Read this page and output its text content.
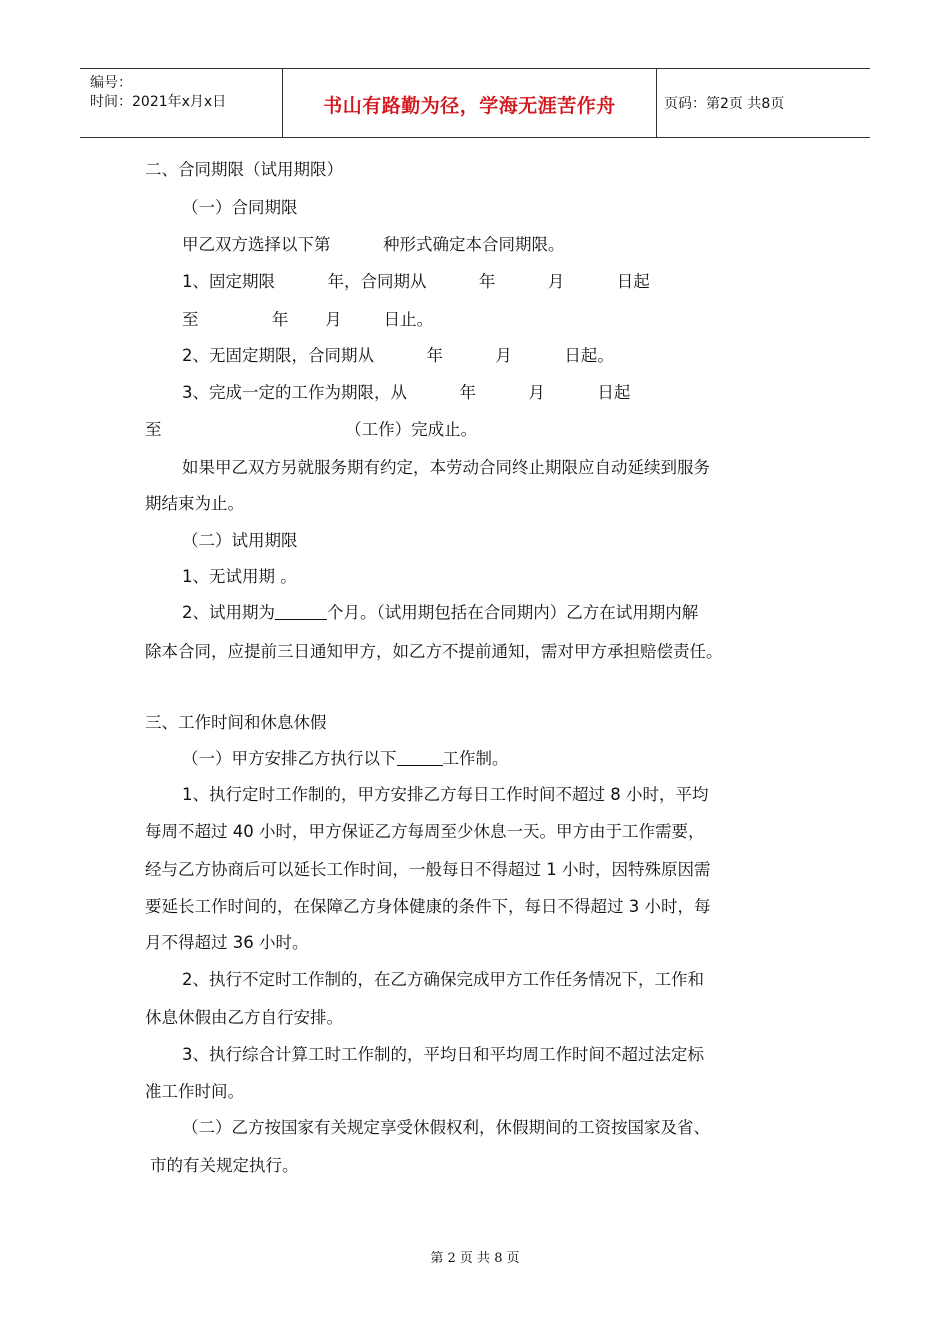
编号：
时间：2021年x月x日	书山有路勤为径，学海无涯苦作舟	页码：第2页 共8页
二、合同期限（试用期限）
（一）合同期限
甲乙双方选择以下第          种形式确定本合同期限。
1、固定期限          年，合同期从          年          月          日起
至              年       月        日止。
2、无固定期限，合同期从          年          月          日起。
3、完成一定的工作为期限，从          年          月          日起
至                                   （工作）完成止。
如果甲乙双方另就服务期有约定，本劳动合同终止期限应自动延续到服务
期结束为止。
（二）试用期限
1、无试用期 。
2、试用期为	个月。（试用期包括在合同期内）乙方在试用期内解
除本合同，应提前三日通知甲方，如乙方不提前通知，需对甲方承担赔偿责任。
三、工作时间和休息休假
（一）甲方安排乙方执行以下	工作制。
1、执行定时工作制的，甲方安排乙方每日工作时间不超过 8 小时，平均
每周不超过 40 小时，甲方保证乙方每周至少休息一天。甲方由于工作需要，
经与乙方协商后可以延长工作时间，一般每日不得超过 1 小时，因特殊原因需
要延长工作时间的，在保障乙方身体健康的条件下，每日不得超过 3 小时，每
月不得超过 36 小时。
2、执行不定时工作制的，在乙方确保完成甲方工作任务情况下，工作和
休息休假由乙方自行安排。
3、执行综合计算工时工作制的，平均日和平均周工作时间不超过法定标
准工作时间。
（二）乙方按国家有关规定享受休假权利，休假期间的工资按国家及省、
市的有关规定执行。
第 2 页 共 8 页
